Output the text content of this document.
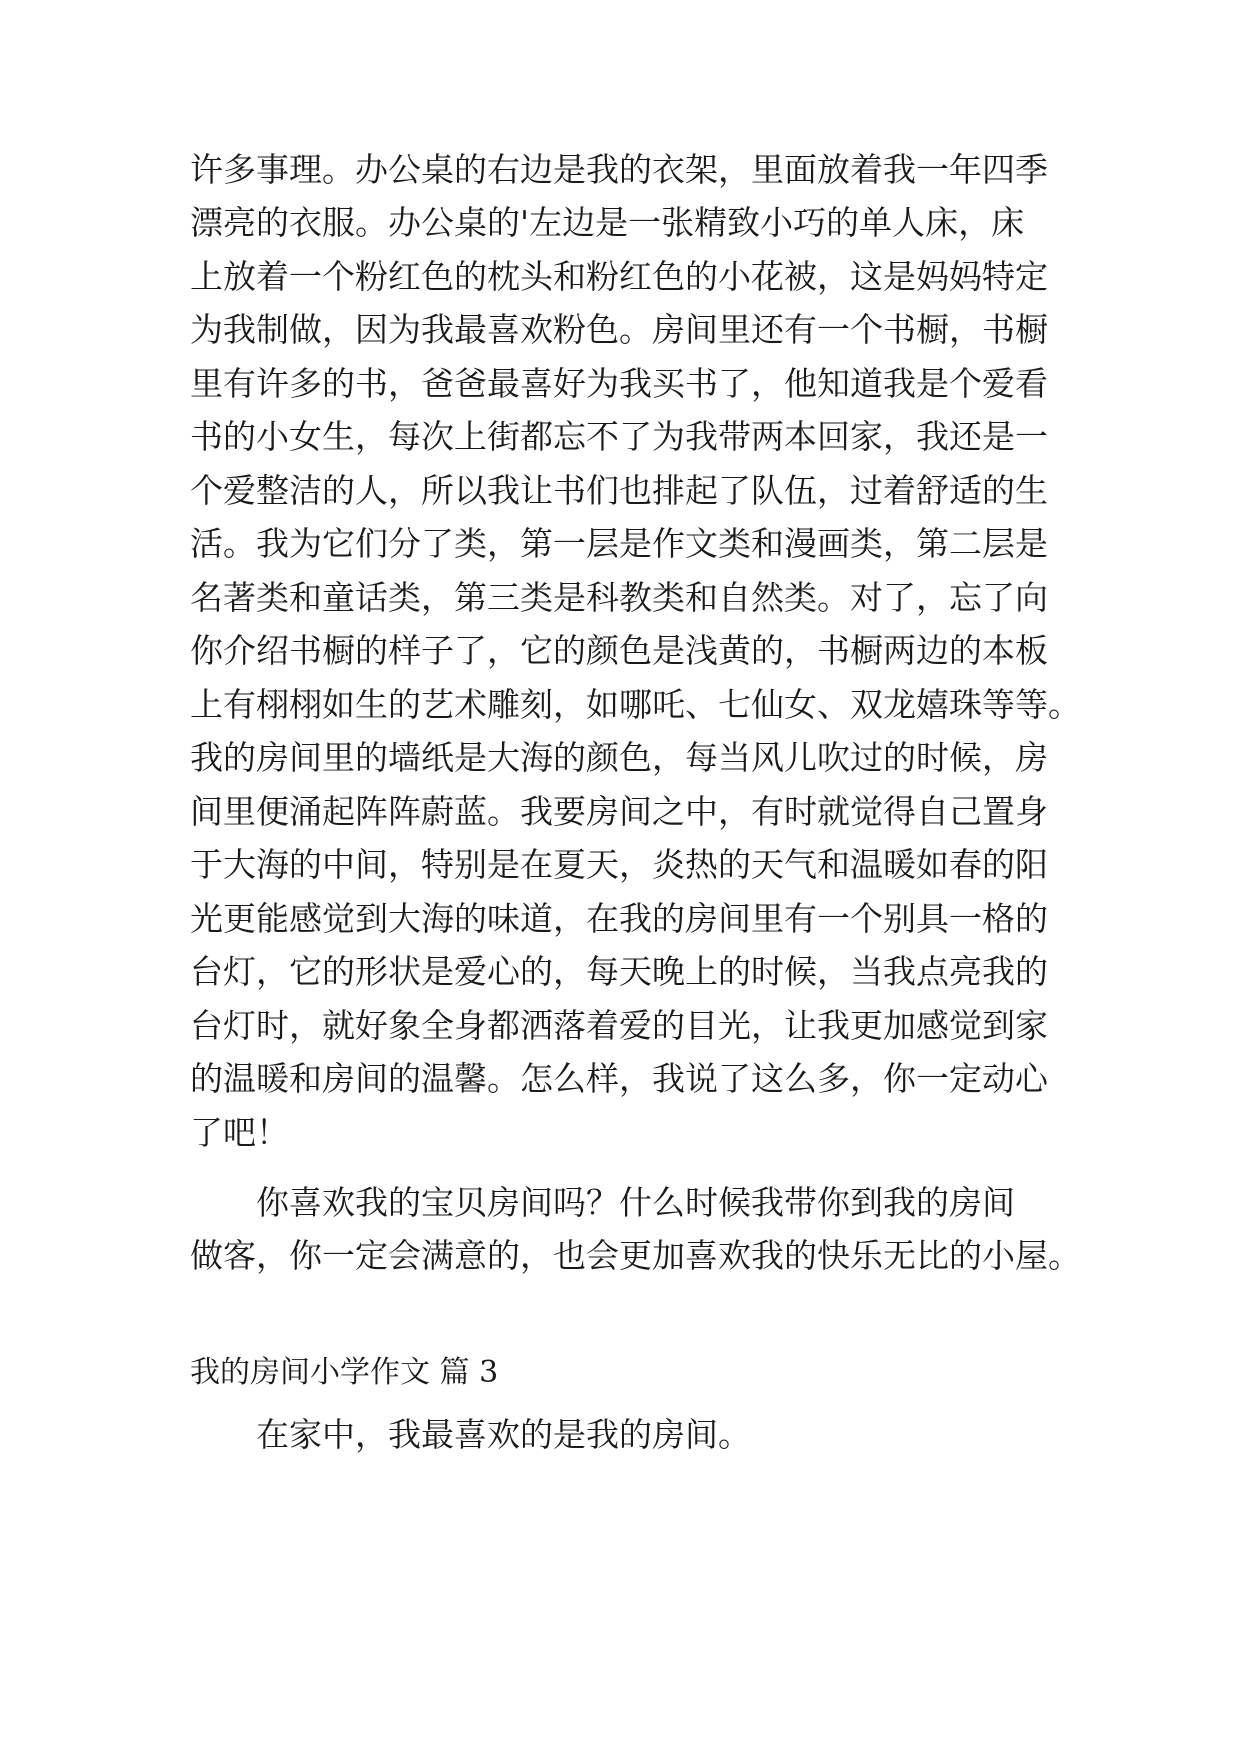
许多事理。办公桌的右边是我的衣架，里面放着我一年四季
漂亮的衣服。办公桌的'左边是一张精致小巧的单人床，床
上放着一个粉红色的枕头和粉红色的小花被，这是妈妈特定
为我制做，因为我最喜欢粉色。房间里还有一个书橱，书橱
里有许多的书，爸爸最喜好为我买书了，他知道我是个爱看
书的小女生，每次上街都忘不了为我带两本回家，我还是一
个爱整洁的人，所以我让书们也排起了队伍，过着舒适的生
活。我为它们分了类，第一层是作文类和漫画类，第二层是
名著类和童话类，第三类是科教类和自然类。对了，忘了向
你介绍书橱的样子了，它的颜色是浅黄的，书橱两边的本板
上有栩栩如生的艺术雕刻，如哪吒、七仙女、双龙嬉珠等等。
我的房间里的墙纸是大海的颜色，每当风儿吹过的时候，房
间里便涌起阵阵蔚蓝。我要房间之中，有时就觉得自己置身
于大海的中间，特别是在夏天，炎热的天气和温暖如春的阳
光更能感觉到大海的味道，在我的房间里有一个别具一格的
台灯，它的形状是爱心的，每天晚上的时候，当我点亮我的
台灯时，就好象全身都洒落着爱的目光，让我更加感觉到家
的温暖和房间的温馨。怎么样，我说了这么多，你一定动心
了吧！
你喜欢我的宝贝房间吗？什么时候我带你到我的房间
做客，你一定会满意的，也会更加喜欢我的快乐无比的小屋。
我的房间小学作文 篇 3
在家中，我最喜欢的是我的房间。
